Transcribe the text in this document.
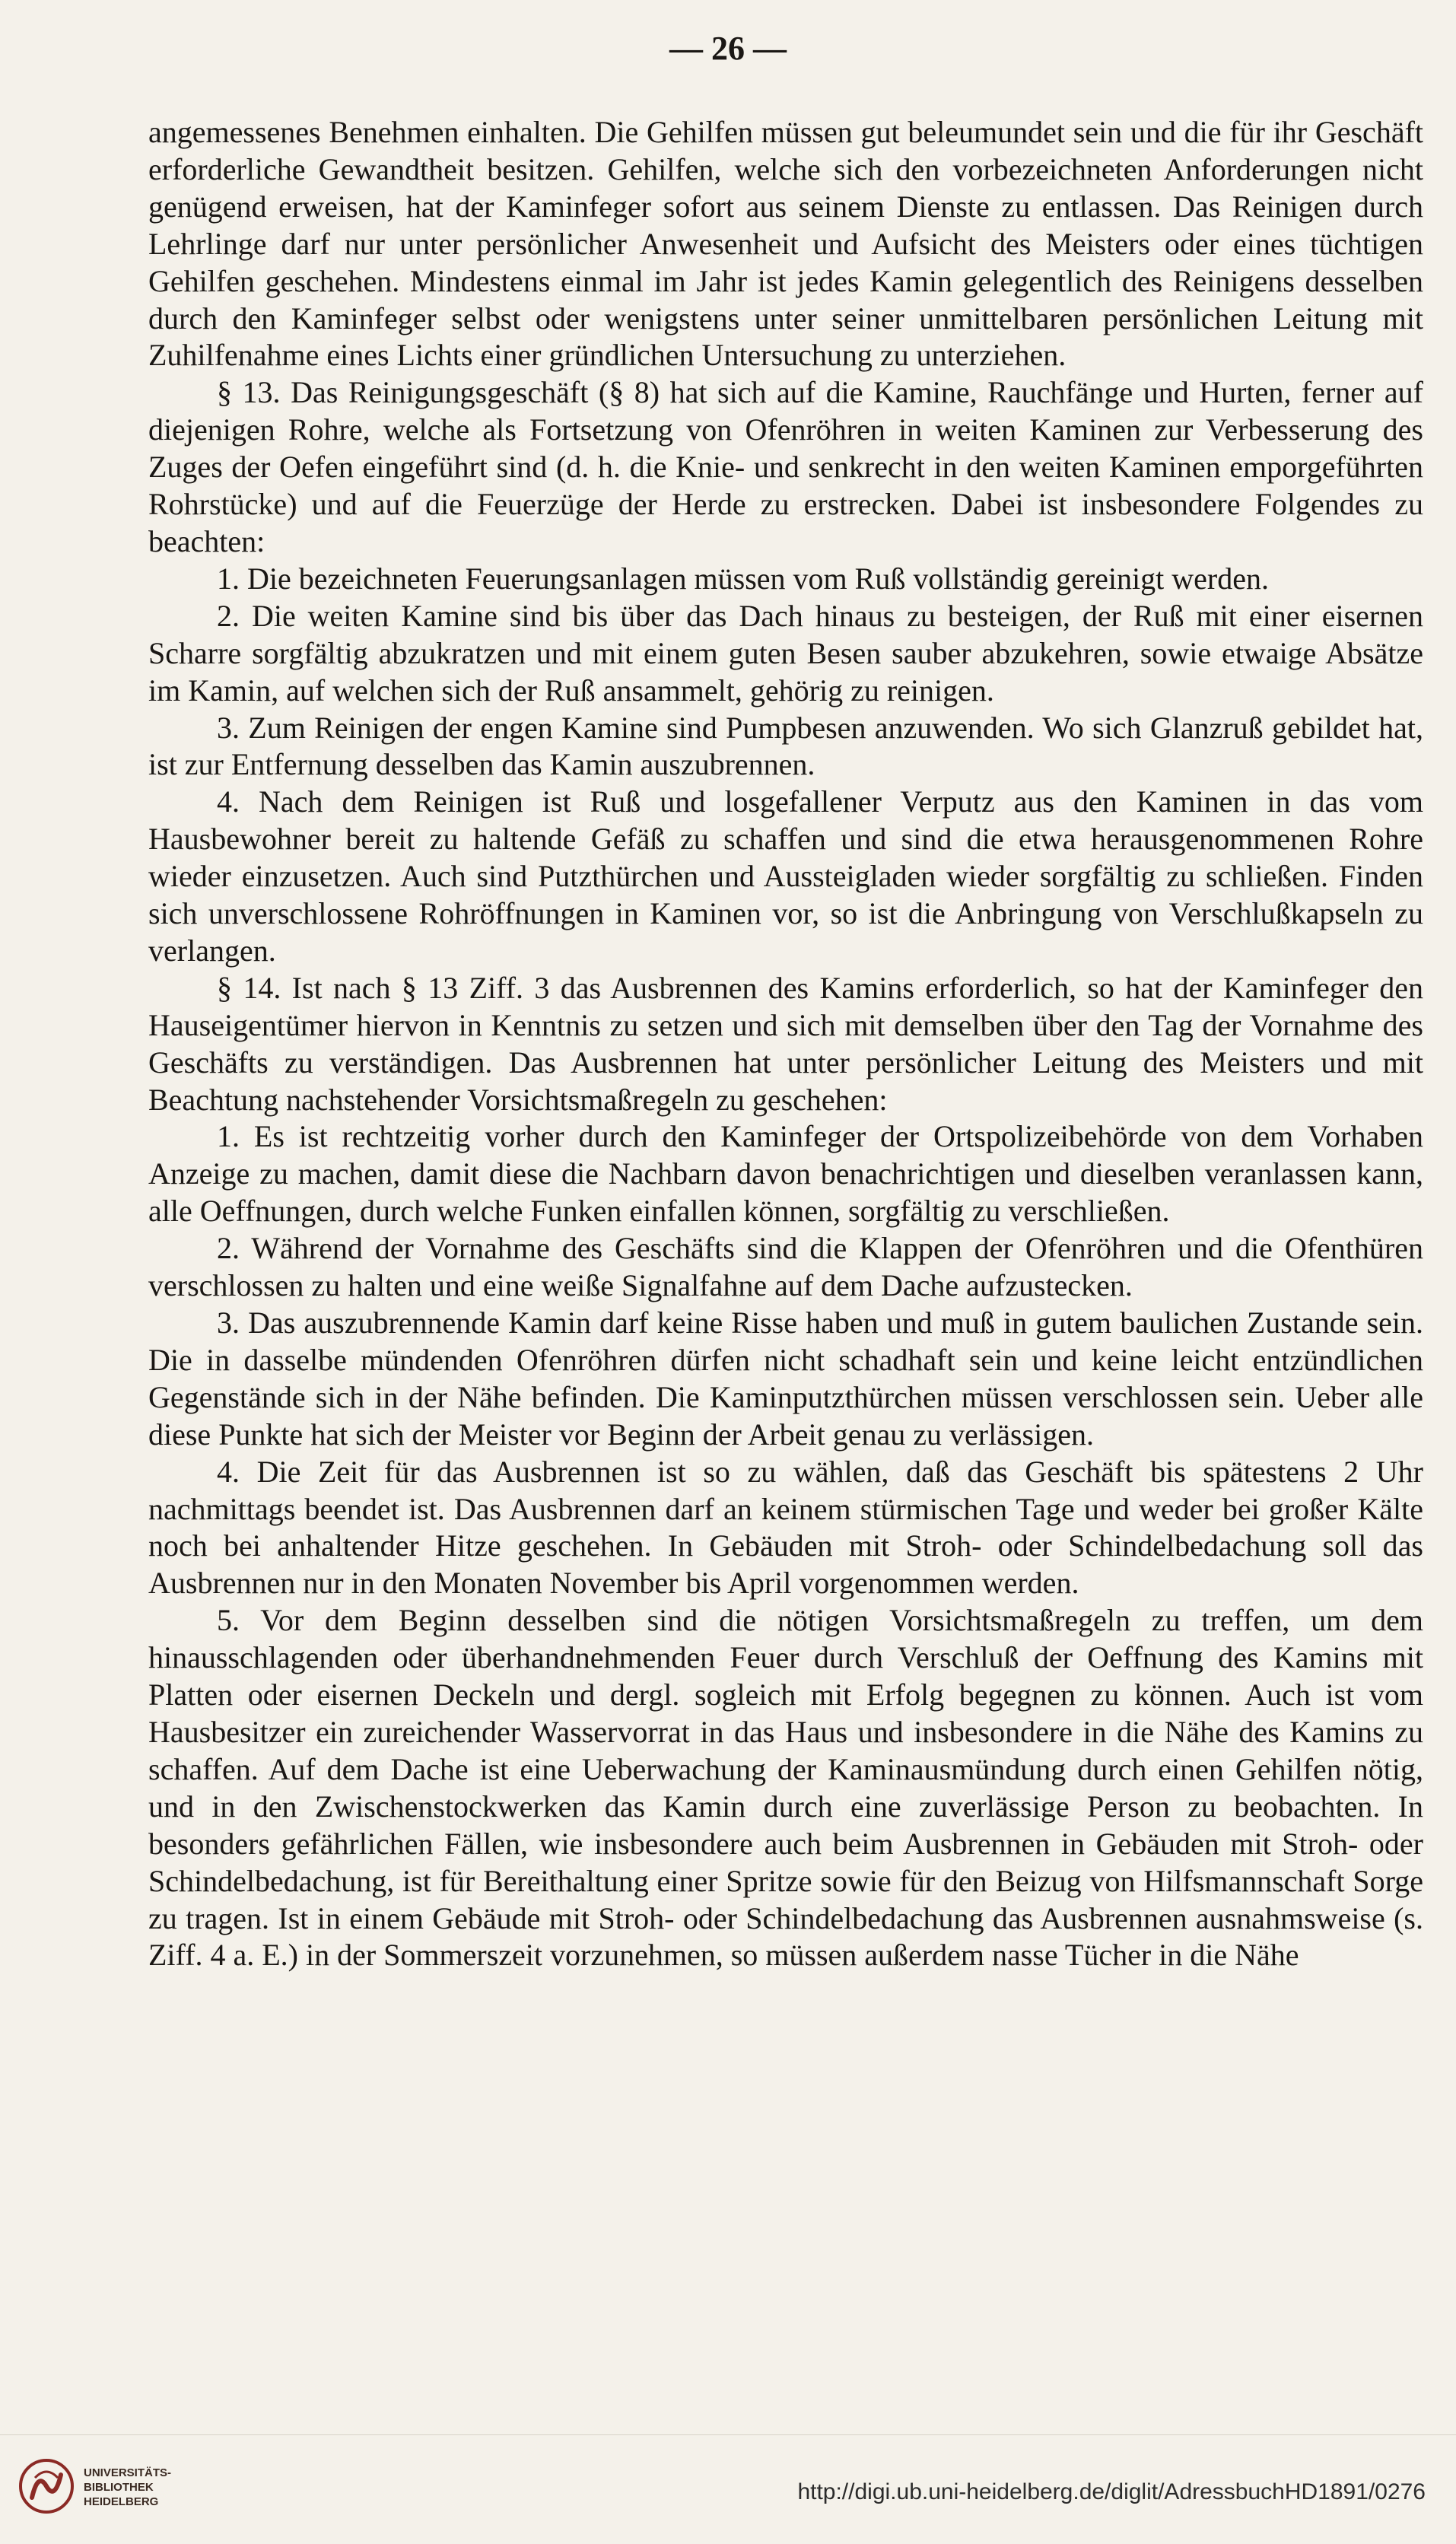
— 26 —

angemessenes Benehmen einhalten. Die Gehilfen müssen gut beleumundet sein und die für ihr Geschäft erforderliche Gewandtheit besitzen. Gehilfen, welche sich den vorbezeichneten Anforderungen nicht genügend erweisen, hat der Kaminfeger sofort aus seinem Dienste zu entlassen. Das Reinigen durch Lehrlinge darf nur unter persönlicher Anwesenheit und Aufsicht des Meisters oder eines tüchtigen Gehilfen geschehen. Mindestens einmal im Jahr ist jedes Kamin gelegentlich des Reinigens desselben durch den Kaminfeger selbst oder wenigstens unter seiner unmittelbaren persönlichen Leitung mit Zuhilfenahme eines Lichts einer gründlichen Untersuchung zu unterziehen.

§ 13. Das Reinigungsgeschäft (§ 8) hat sich auf die Kamine, Rauchfänge und Hurten, ferner auf diejenigen Rohre, welche als Fortsetzung von Ofenröhren in weiten Kaminen zur Verbesserung des Zuges der Oefen eingeführt sind (d. h. die Knie- und senkrecht in den weiten Kaminen emporgeführten Rohrstücke) und auf die Feuerzüge der Herde zu erstrecken. Dabei ist insbesondere Folgendes zu beachten:

1. Die bezeichneten Feuerungsanlagen müssen vom Ruß vollständig gereinigt werden.

2. Die weiten Kamine sind bis über das Dach hinaus zu besteigen, der Ruß mit einer eisernen Scharre sorgfältig abzukratzen und mit einem guten Besen sauber abzukehren, sowie etwaige Absätze im Kamin, auf welchen sich der Ruß ansammelt, gehörig zu reinigen.

3. Zum Reinigen der engen Kamine sind Pumpbesen anzuwenden. Wo sich Glanzruß gebildet hat, ist zur Entfernung desselben das Kamin auszubrennen.

4. Nach dem Reinigen ist Ruß und losgefallener Verputz aus den Kaminen in das vom Hausbewohner bereit zu haltende Gefäß zu schaffen und sind die etwa herausgenommenen Rohre wieder einzusetzen. Auch sind Putzthürchen und Aussteigladen wieder sorgfältig zu schließen. Finden sich unverschlossene Rohröffnungen in Kaminen vor, so ist die Anbringung von Verschlußkapseln zu verlangen.

§ 14. Ist nach § 13 Ziff. 3 das Ausbrennen des Kamins erforderlich, so hat der Kaminfeger den Hauseigentümer hiervon in Kenntnis zu setzen und sich mit demselben über den Tag der Vornahme des Geschäfts zu verständigen. Das Ausbrennen hat unter persönlicher Leitung des Meisters und mit Beachtung nachstehender Vorsichtsmaßregeln zu geschehen:

1. Es ist rechtzeitig vorher durch den Kaminfeger der Ortspolizeibehörde von dem Vorhaben Anzeige zu machen, damit diese die Nachbarn davon benachrichtigen und dieselben veranlassen kann, alle Oeffnungen, durch welche Funken einfallen können, sorgfältig zu verschließen.

2. Während der Vornahme des Geschäfts sind die Klappen der Ofenröhren und die Ofenthüren verschlossen zu halten und eine weiße Signalfahne auf dem Dache aufzustecken.

3. Das auszubrennende Kamin darf keine Risse haben und muß in gutem baulichen Zustande sein. Die in dasselbe mündenden Ofenröhren dürfen nicht schadhaft sein und keine leicht entzündlichen Gegenstände sich in der Nähe befinden. Die Kaminputzthürchen müssen verschlossen sein. Ueber alle diese Punkte hat sich der Meister vor Beginn der Arbeit genau zu verlässigen.

4. Die Zeit für das Ausbrennen ist so zu wählen, daß das Geschäft bis spätestens 2 Uhr nachmittags beendet ist. Das Ausbrennen darf an keinem stürmischen Tage und weder bei großer Kälte noch bei anhaltender Hitze geschehen. In Gebäuden mit Stroh- oder Schindelbedachung soll das Ausbrennen nur in den Monaten November bis April vorgenommen werden.

5. Vor dem Beginn desselben sind die nötigen Vorsichtsmaßregeln zu treffen, um dem hinausschlagenden oder überhandnehmenden Feuer durch Verschluß der Oeffnung des Kamins mit Platten oder eisernen Deckeln und dergl. sogleich mit Erfolg begegnen zu können. Auch ist vom Hausbesitzer ein zureichender Wasservorrat in das Haus und insbesondere in die Nähe des Kamins zu schaffen. Auf dem Dache ist eine Ueberwachung der Kaminausmündung durch einen Gehilfen nötig, und in den Zwischenstockwerken das Kamin durch eine zuverlässige Person zu beobachten. In besonders gefährlichen Fällen, wie insbesondere auch beim Ausbrennen in Gebäuden mit Stroh- oder Schindelbedachung, ist für Bereithaltung einer Spritze sowie für den Beizug von Hilfsmannschaft Sorge zu tragen. Ist in einem Gebäude mit Stroh- oder Schindelbedachung das Ausbrennen ausnahmsweise (s. Ziff. 4 a. E.) in der Sommerszeit vorzunehmen, so müssen außerdem nasse Tücher in die Nähe

UNIVERSITÄTS-
BIBLIOTHEK
HEIDELBERG	http://digi.ub.uni-heidelberg.de/diglit/AdressbuchHD1891/0276
